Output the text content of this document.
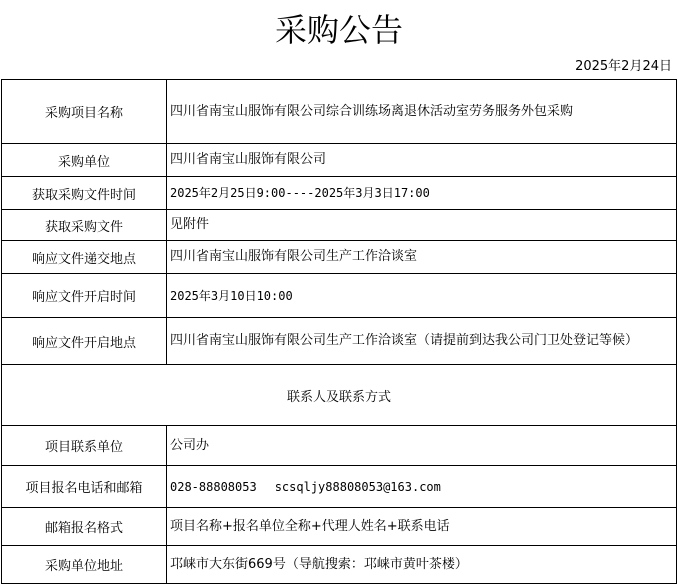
采购公告
2025年2月24日
采购项目名称	四川省南宝山服饰有限公司综合训练场离退休活动室劳务服务外包采购
采购单位	四川省南宝山服饰有限公司
获取采购文件时间	2025年2月25日9:00----2025年3月3日17:00
获取采购文件	见附件
响应文件递交地点	四川省南宝山服饰有限公司生产工作洽谈室
响应文件开启时间	2025年3月10日10:00
响应文件开启地点	四川省南宝山服饰有限公司生产工作洽谈室（请提前到达我公司门卫处登记等候）
联系人及联系方式	
项目联系单位	公司办
项目报名电话和邮箱	028-88808053 scsqljy88808053@163.com
邮箱报名格式	项目名称+报名单位全称+代理人姓名+联系电话
采购单位地址	邛崃市大东街669号（导航搜索：邛崃市黄叶茶楼）
